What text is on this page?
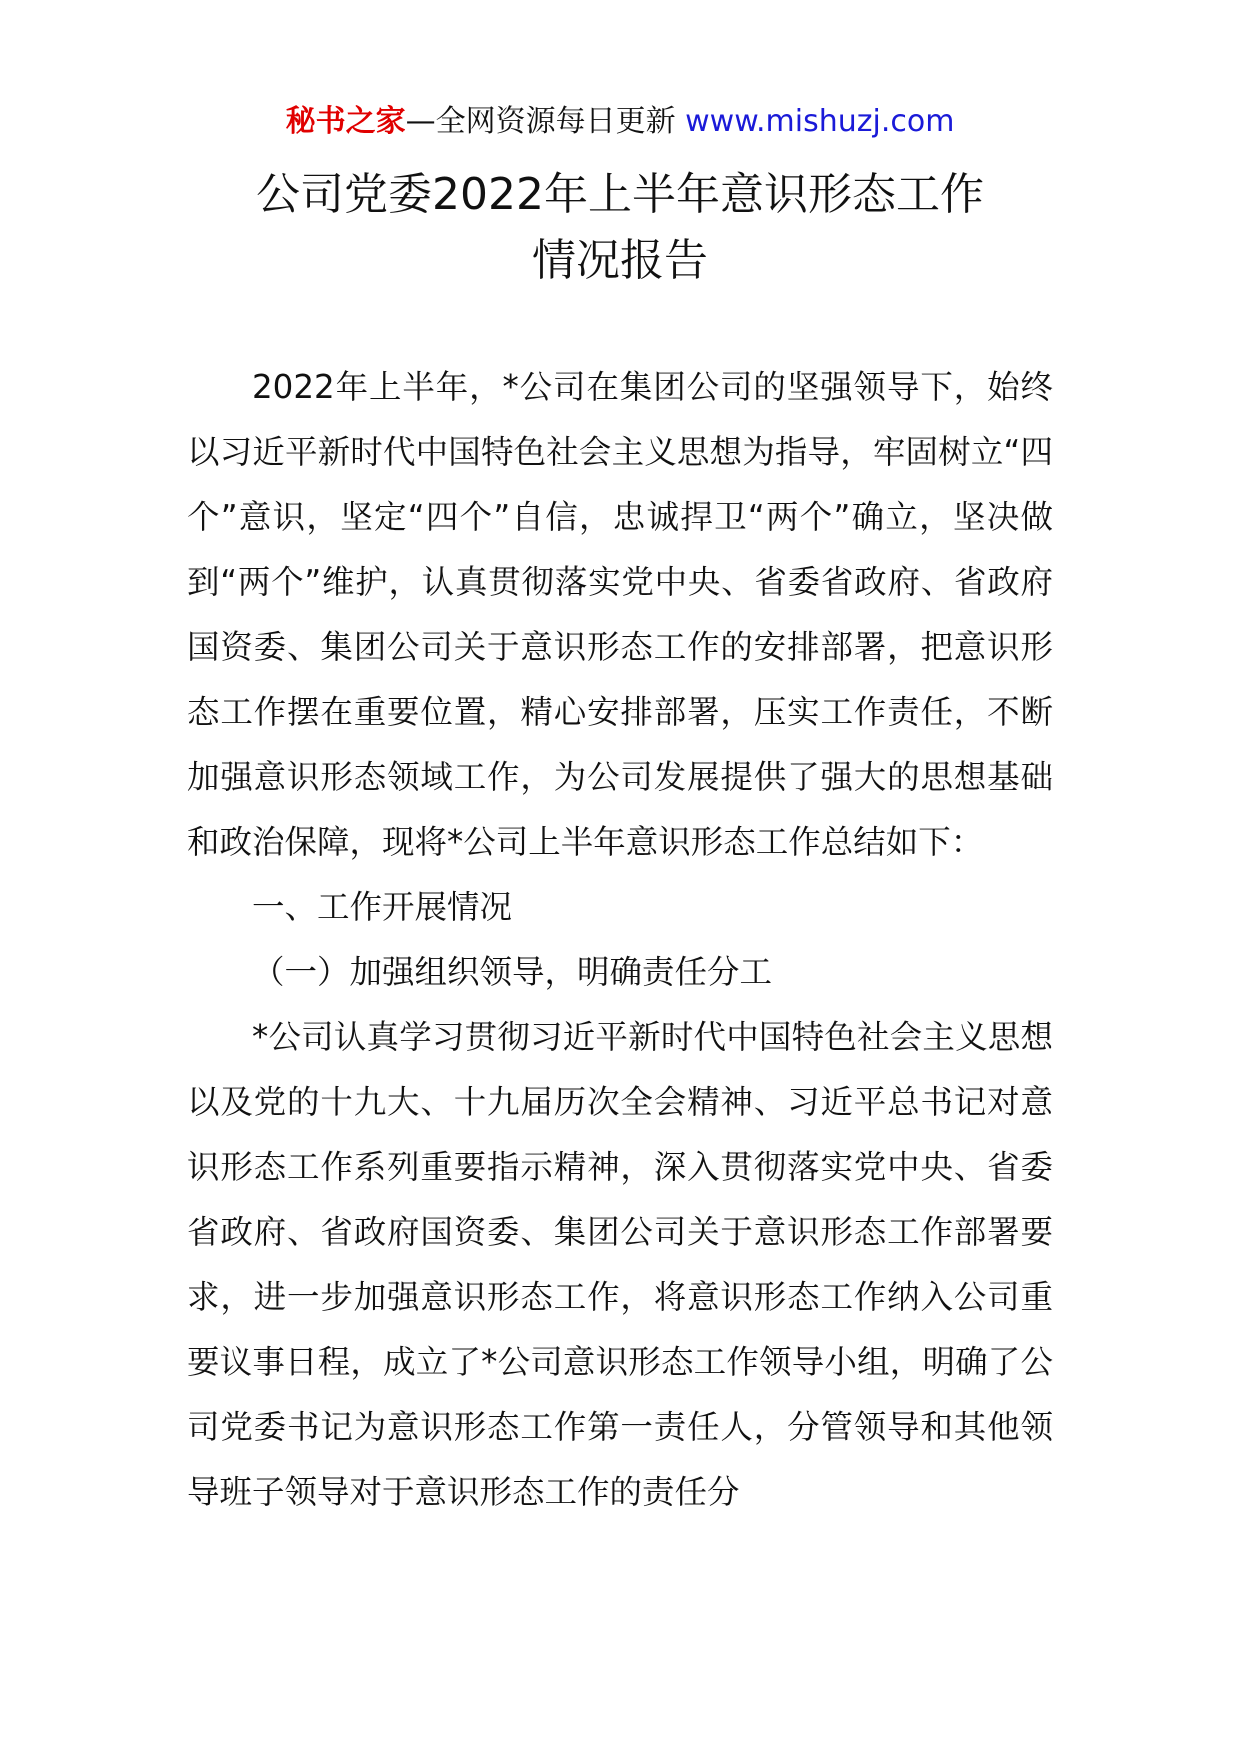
秘书之家—全网资源每日更新 www.mishuzj.com
公司党委2022年上半年意识形态工作
情况报告

2022年上半年，*公司在集团公司的坚强领导下，始终以习近平新时代中国特色社会主义思想为指导，牢固树立“四个”意识，坚定“四个”自信，忠诚捍卫“两个”确立，坚决做到“两个”维护，认真贯彻落实党中央、省委省政府、省政府国资委、集团公司关于意识形态工作的安排部署，把意识形态工作摆在重要位置，精心安排部署，压实工作责任，不断加强意识形态领域工作，为公司发展提供了强大的思想基础和政治保障，现将*公司上半年意识形态工作总结如下：

一、工作开展情况

（一）加强组织领导，明确责任分工

*公司认真学习贯彻习近平新时代中国特色社会主义思想以及党的十九大、十九届历次全会精神、习近平总书记对意识形态工作系列重要指示精神，深入贯彻落实党中央、省委省政府、省政府国资委、集团公司关于意识形态工作部署要求，进一步加强意识形态工作，将意识形态工作纳入公司重要议事日程，成立了*公司意识形态工作领导小组，明确了公司党委书记为意识形态工作第一责任人，分管领导和其他领导班子领导对于意识形态工作的责任分
